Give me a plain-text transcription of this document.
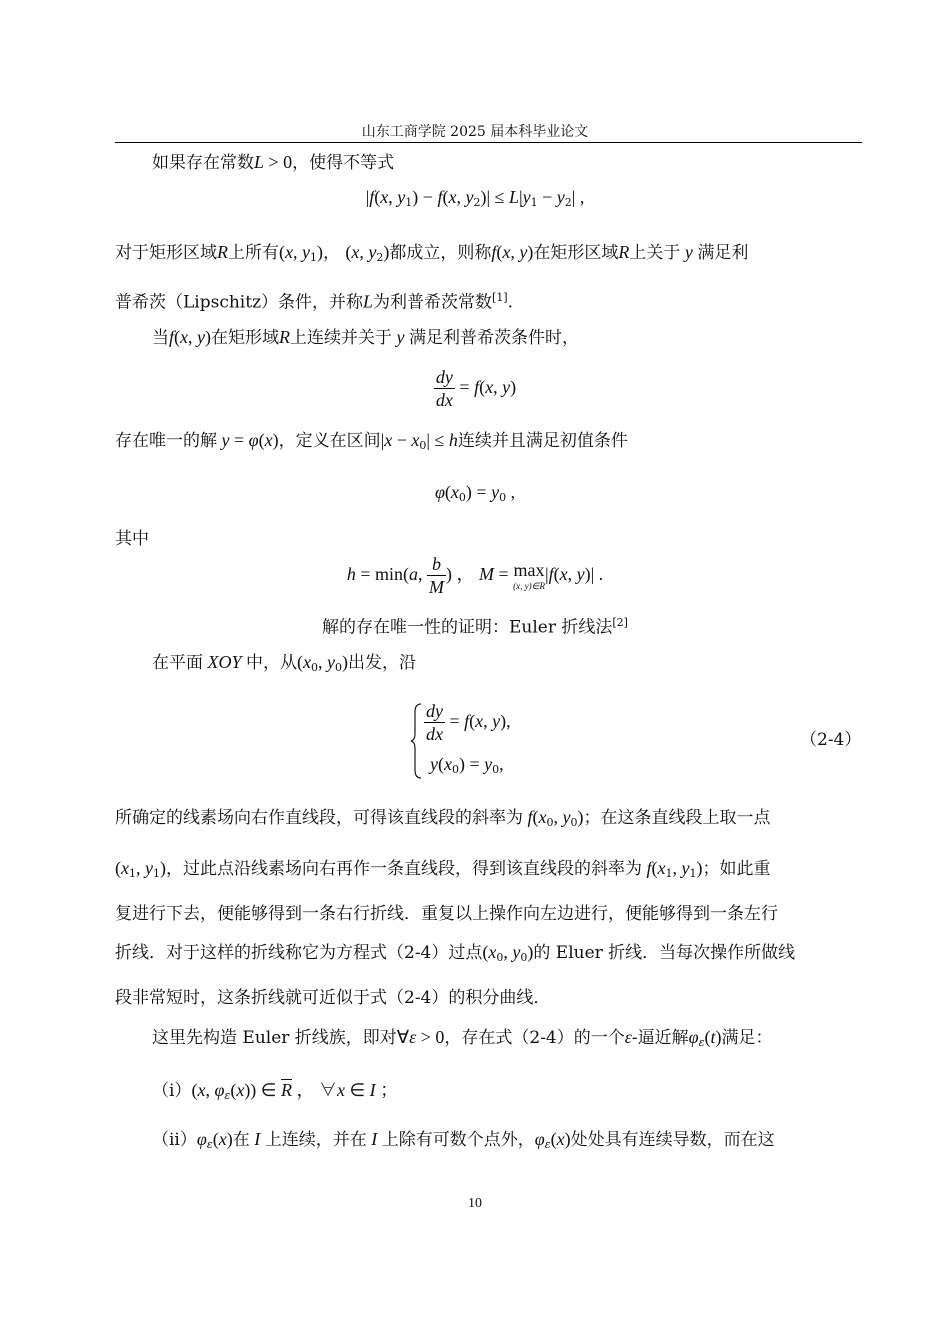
山东工商学院 2025 届本科毕业论文
如果存在常数L > 0，使得不等式
|f(x, $y_1) - f(x$, $y_2)| \le L|y_1 - y_2|$ ,
对于矩形区域R上所有(x, $y_1$)， (x, $y_2$)都成立，则称f(x, y)在矩形区域R上关于 y 满足利
普希茨（Lipschitz）条件，并称L为利普希茨常数[1].
当f(x, y)在矩形域R上连续并关于 y 满足利普希茨条件时，
$\frac{dy}{dx} = f(x$, y)
存在唯一的解 y = φ(x)，定义在区间$|x - x_0| \le h$连续并且满足初值条件
$\varphi(x_0) = y_0$ ,
其中
h = min(a, $\frac{b}{M}$ ) ， M = max
(x, y)∈R
|f(x, y)| .
解的存在唯一性的证明：Euler 折线法[2]
在平面 XOY 中，从($x_0$, $y_0$)出发，沿
$\frac{dy}{dx} = f(x$, y),
$y(x_0) = y_0$,
（2-4）
所确定的线素场向右作直线段，可得该直线段的斜率为 $f(x_0$, $y_0$)；在这条直线段上取一点
($x_1$, $y_1$)，过此点沿线素场向右再作一条直线段，得到该直线段的斜率为 $f(x_1$, $y_1$)；如此重
复进行下去，便能够得到一条右行折线．重复以上操作向左边进行，便能够得到一条左行
折线．对于这样的折线称它为方程式（2-4）过点($x_0$, $y_0$)的 Eluer 折线．当每次操作所做线
段非常短时，这条折线就可近似于式（2-4）的积分曲线．
这里先构造 Euler 折线族，即对∀ε > 0，存在式（2-4）的一个ε-逼近解$\varphi_\varepsilon(t)$满足：
（i）(x, $\varphi_\varepsilon(x)$) ∈ $\overline{R}$ ， ∀x ∈ I ；
$(ii)\varphi_\varepsilon(x)$在 I 上连续，并在 I 上除有可数个点外，$\varphi_\varepsilon(x)$处处具有连续导数，而在这
10
